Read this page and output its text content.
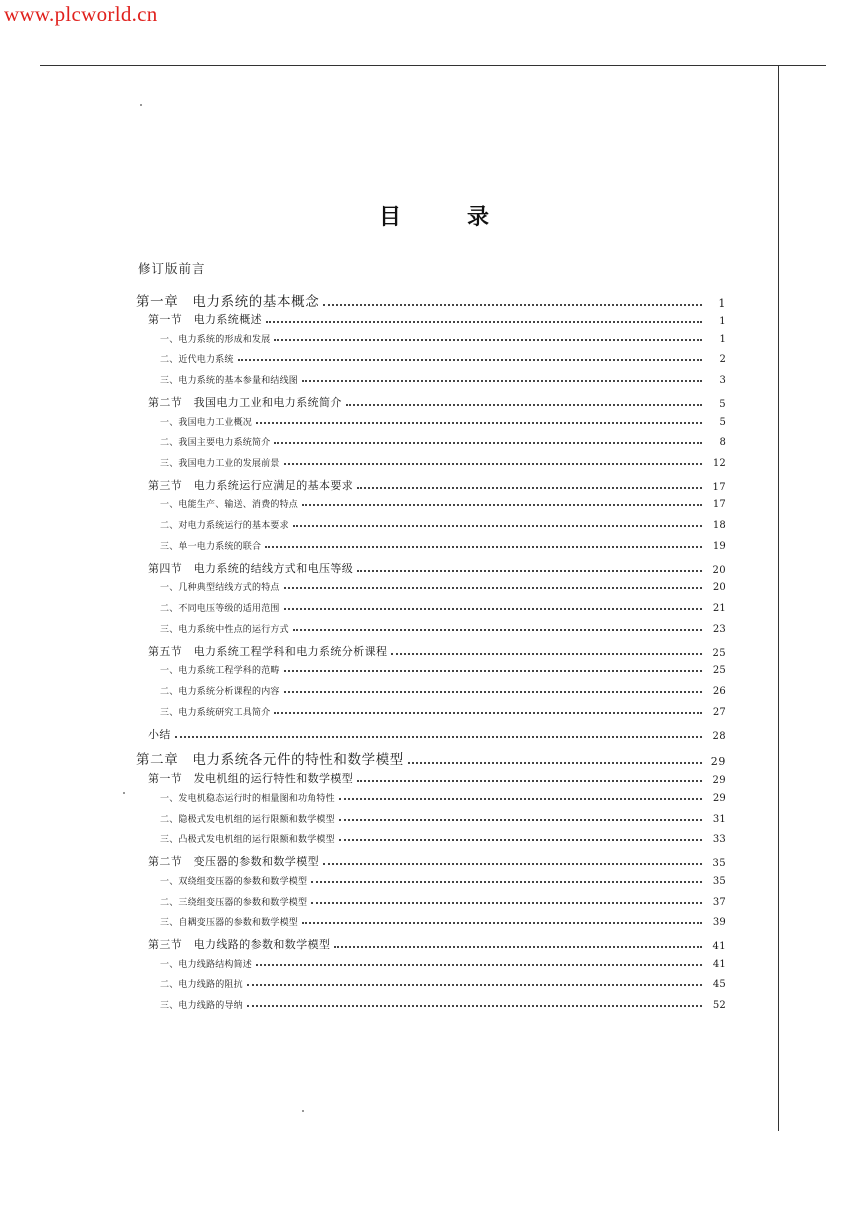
www.plcworld.cn
目	录
修订版前言
第一章　电力系统的基本概念	1
第一节　电力系统概述	1
一、电力系统的形成和发展	1
二、近代电力系统	2
三、电力系统的基本参量和结线图	3
第二节　我国电力工业和电力系统简介	5
一、我国电力工业概况	5
二、我国主要电力系统简介	8
三、我国电力工业的发展前景	12
第三节　电力系统运行应满足的基本要求	17
一、电能生产、输送、消费的特点	17
二、对电力系统运行的基本要求	18
三、单一电力系统的联合	19
第四节　电力系统的结线方式和电压等级	20
一、几种典型结线方式的特点	20
二、不同电压等级的适用范围	21
三、电力系统中性点的运行方式	23
第五节　电力系统工程学科和电力系统分析课程	25
一、电力系统工程学科的范畴	25
二、电力系统分析课程的内容	26
三、电力系统研究工具简介	27
小结	28
第二章　电力系统各元件的特性和数学模型	29
第一节　发电机组的运行特性和数学模型	29
一、发电机稳态运行时的相量图和功角特性	29
二、隐极式发电机组的运行限额和数学模型	31
三、凸极式发电机组的运行限额和数学模型	33
第二节　变压器的参数和数学模型	35
一、双绕组变压器的参数和数学模型	35
二、三绕组变压器的参数和数学模型	37
三、自耦变压器的参数和数学模型	39
第三节　电力线路的参数和数学模型	41
一、电力线路结构简述	41
二、电力线路的阻抗	45
三、电力线路的导纳	52
